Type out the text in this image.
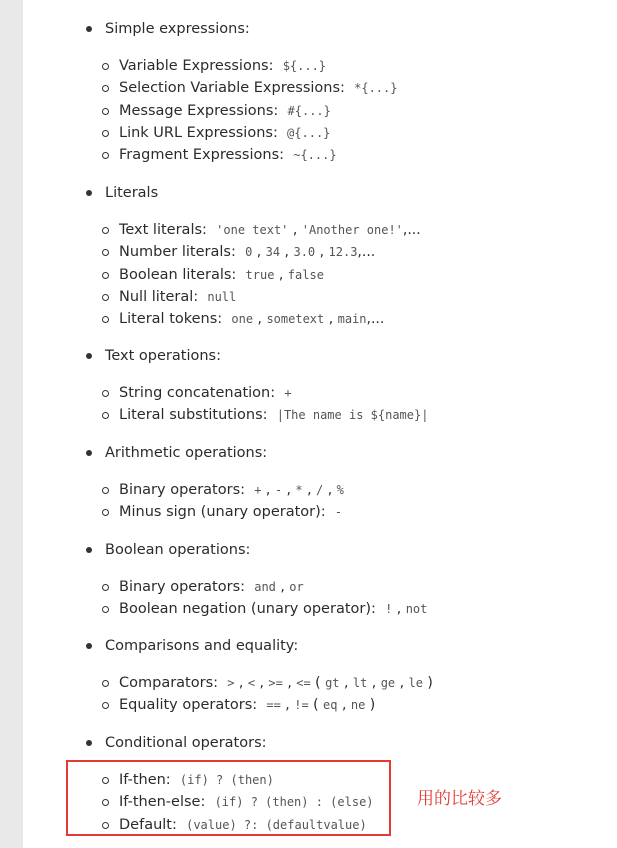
Simple expressions:
Variable Expressions: ${...}
Selection Variable Expressions: *{...}
Message Expressions: #{...}
Link URL Expressions: @{...}
Fragment Expressions: ~{...}
Literals
Text literals: 'one text' , 'Another one!',...
Number literals: 0 , 34 , 3.0 , 12.3,...
Boolean literals: true , false
Null literal: null
Literal tokens: one , sometext , main,...
Text operations:
String concatenation: +
Literal substitutions: |The name is ${name}|
Arithmetic operations:
Binary operators: + , - , * , / , %
Minus sign (unary operator): -
Boolean operations:
Binary operators: and , or
Boolean negation (unary operator): ! , not
Comparisons and equality:
Comparators: > , < , >= , <= ( gt , lt , ge , le )
Equality operators: == , != ( eq , ne )
Conditional operators:
If-then: (if) ? (then)
If-then-else: (if) ? (then) : (else)
Default: (value) ?: (defaultvalue)
用的比较多
